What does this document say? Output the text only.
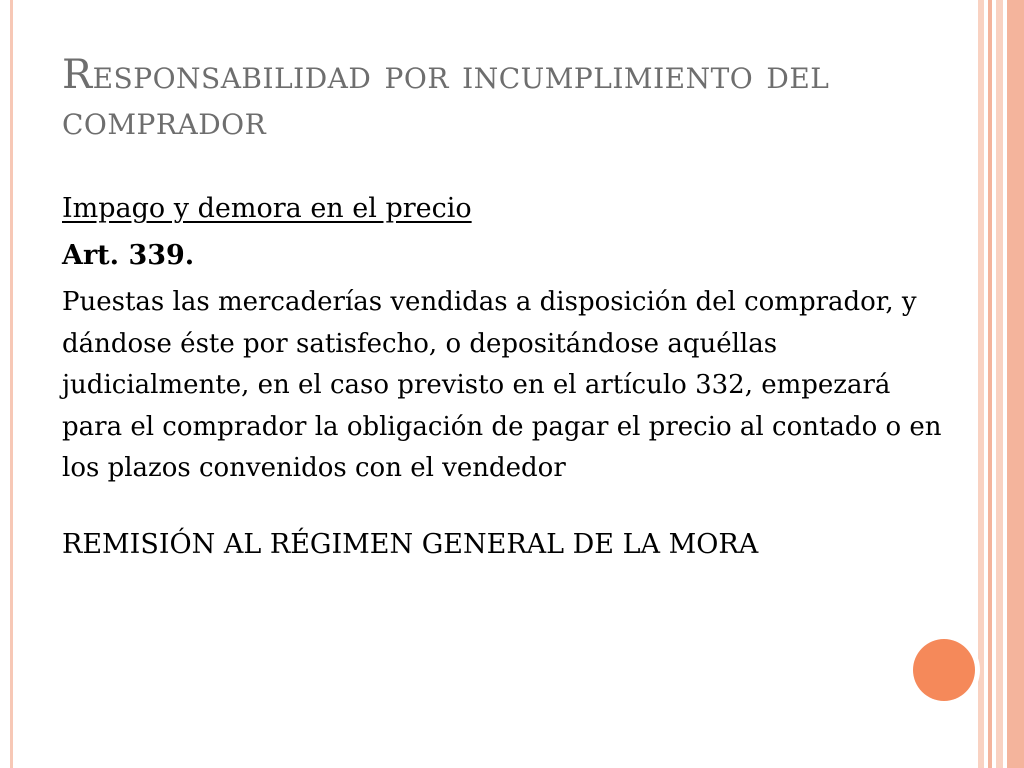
Responsabilidad por incumplimiento del comprador
Impago y demora en el precio
Art. 339.

Puestas las mercaderías vendidas a disposición del comprador, y dándose éste por satisfecho, o depositándose aquéllas judicialmente, en el caso previsto en el artículo 332, empezará para el comprador la obligación de pagar el precio al contado o en los plazos convenidos con el vendedor

REMISIÓN AL RÉGIMEN GENERAL DE LA MORA
